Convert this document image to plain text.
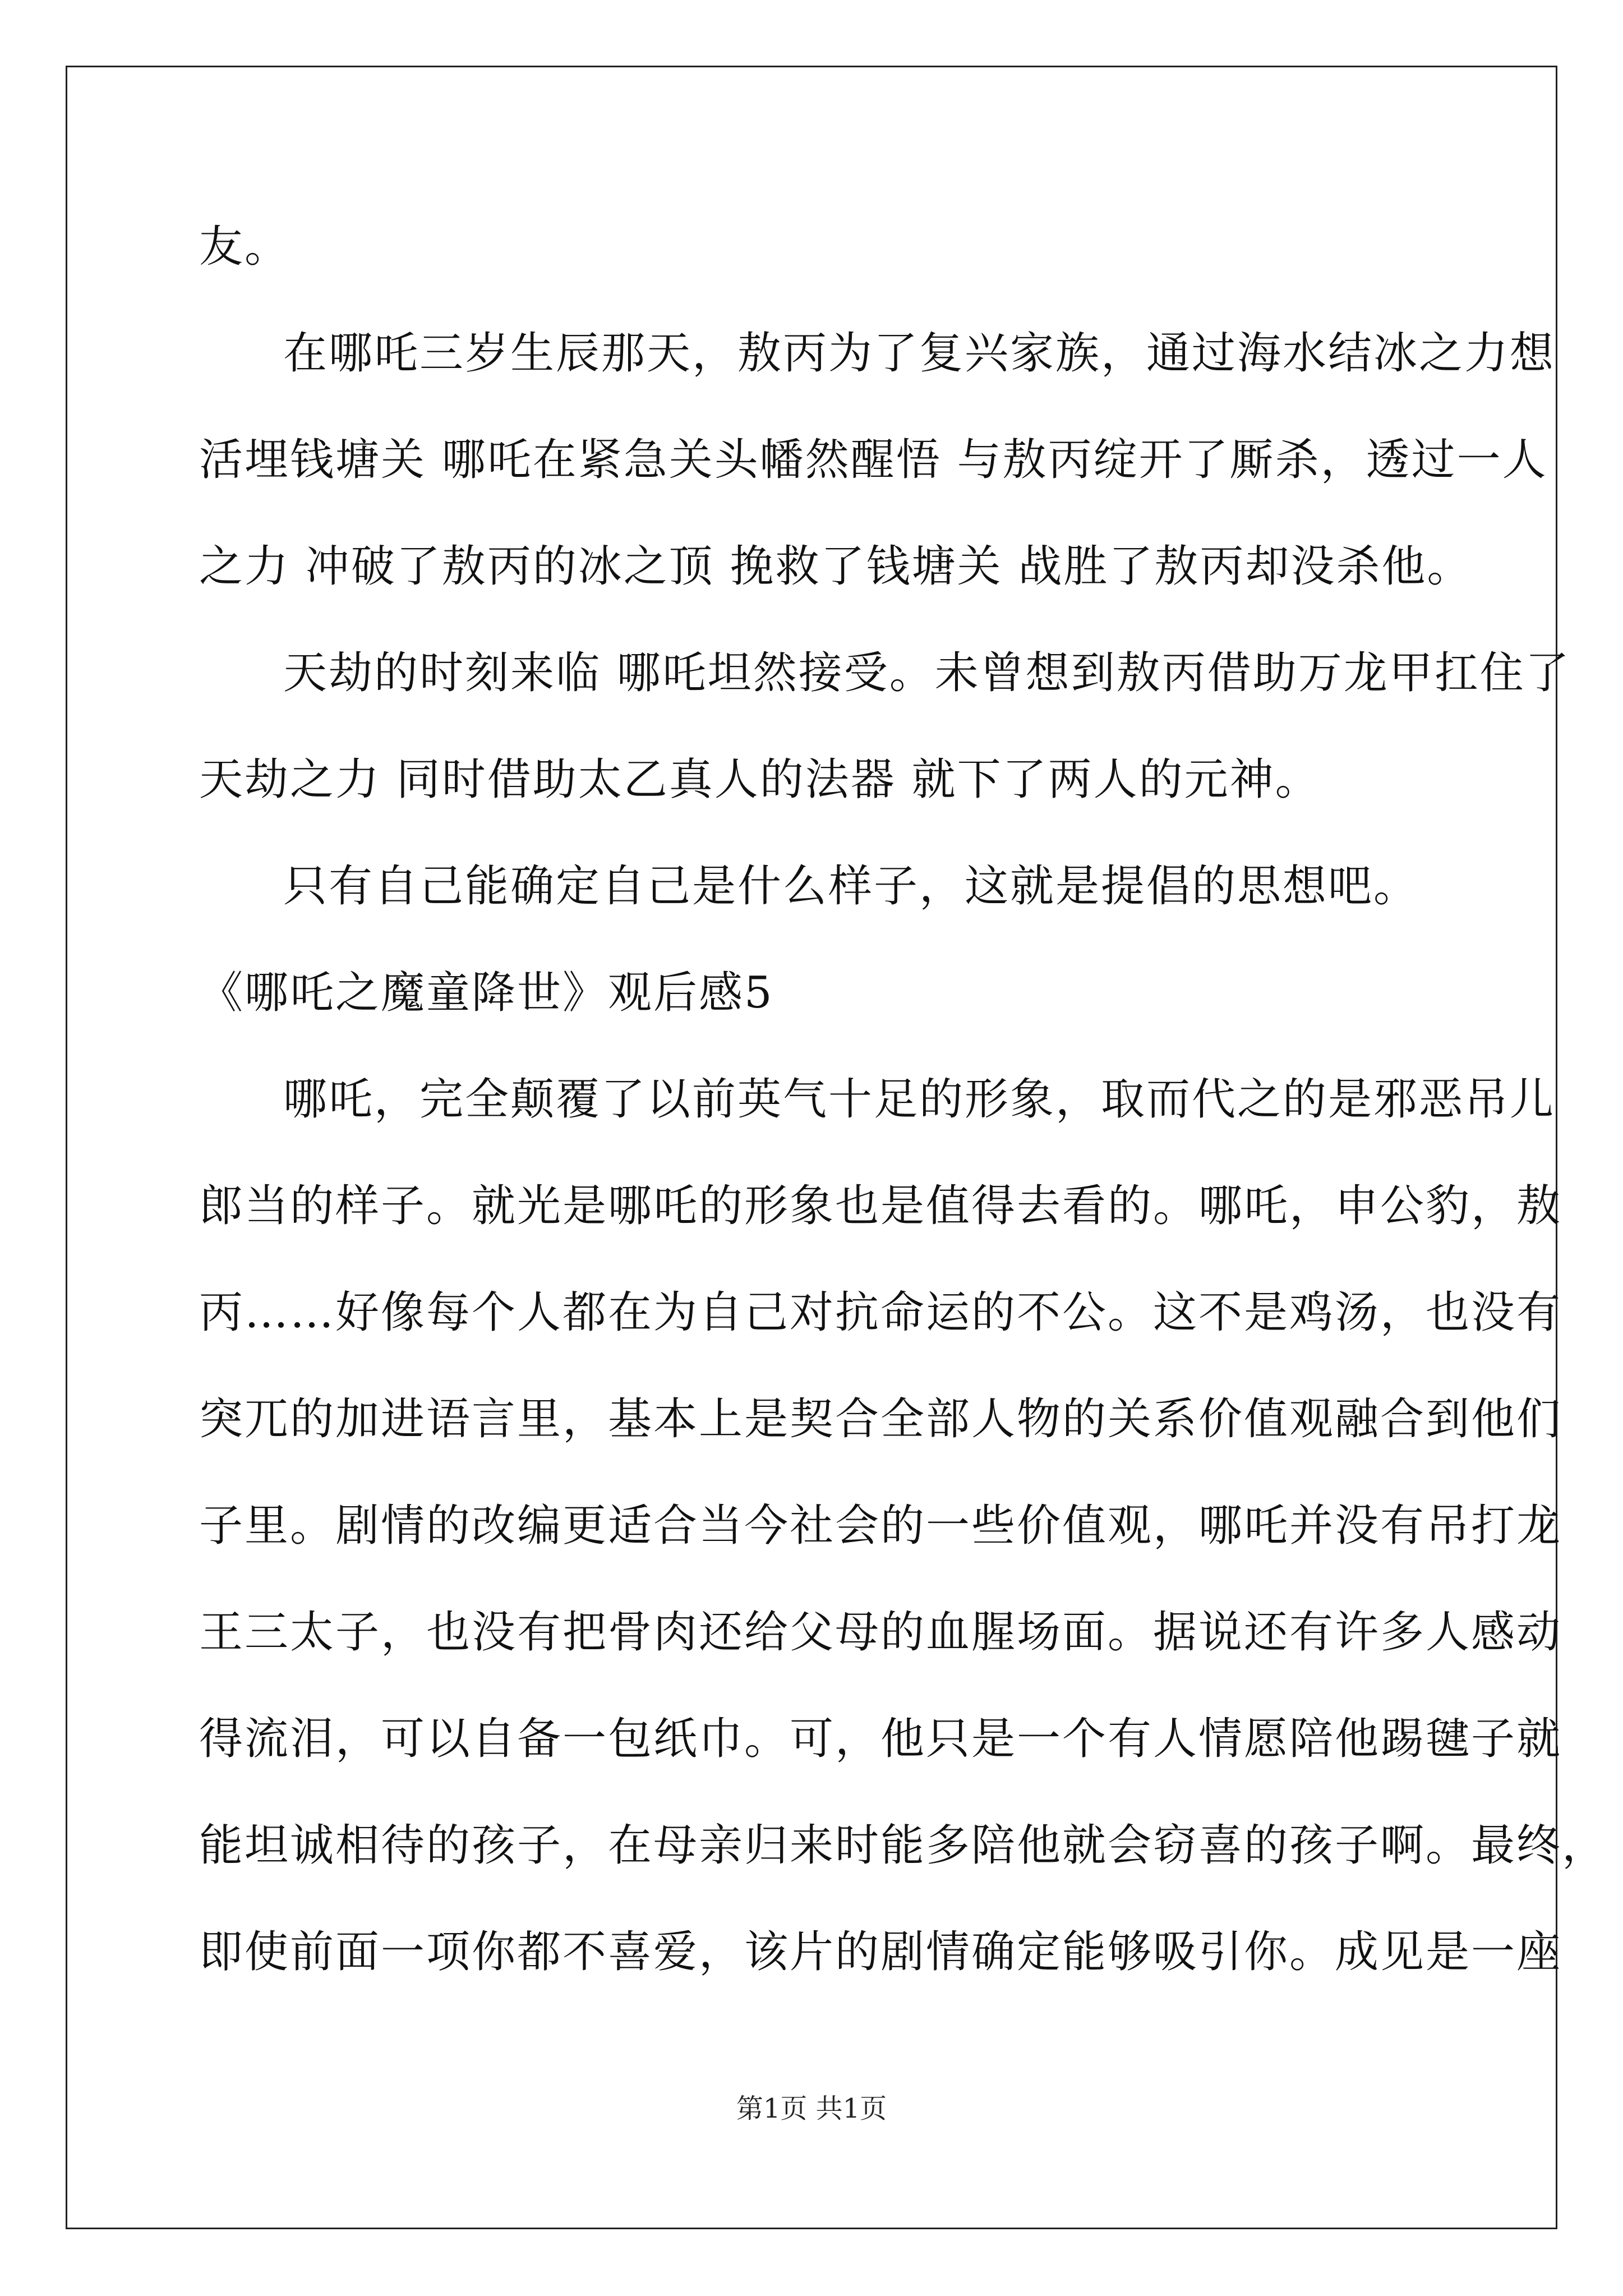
友。
在哪吒三岁生辰那天，敖丙为了复兴家族，通过海水结冰之力想
活埋钱塘关 哪吒在紧急关头幡然醒悟 与敖丙绽开了厮杀，透过一人
之力 冲破了敖丙的冰之顶 挽救了钱塘关 战胜了敖丙却没杀他。
天劫的时刻来临 哪吒坦然接受。未曾想到敖丙借助万龙甲扛住了
天劫之力 同时借助太乙真人的法器 就下了两人的元神。
只有自己能确定自己是什么样子，这就是提倡的思想吧。
《哪吒之魔童降世》观后感5
哪吒，完全颠覆了以前英气十足的形象，取而代之的是邪恶吊儿
郎当的样子。就光是哪吒的形象也是值得去看的。哪吒，申公豹，敖
丙……好像每个人都在为自己对抗命运的不公。这不是鸡汤，也没有
突兀的加进语言里，基本上是契合全部人物的关系价值观融合到他们
子里。剧情的改编更适合当今社会的一些价值观，哪吒并没有吊打龙
王三太子，也没有把骨肉还给父母的血腥场面。据说还有许多人感动
得流泪，可以自备一包纸巾。可，他只是一个有人情愿陪他踢毽子就
能坦诚相待的孩子，在母亲归来时能多陪他就会窃喜的孩子啊。最终，
即使前面一项你都不喜爱，该片的剧情确定能够吸引你。成见是一座
第1页 共1页
